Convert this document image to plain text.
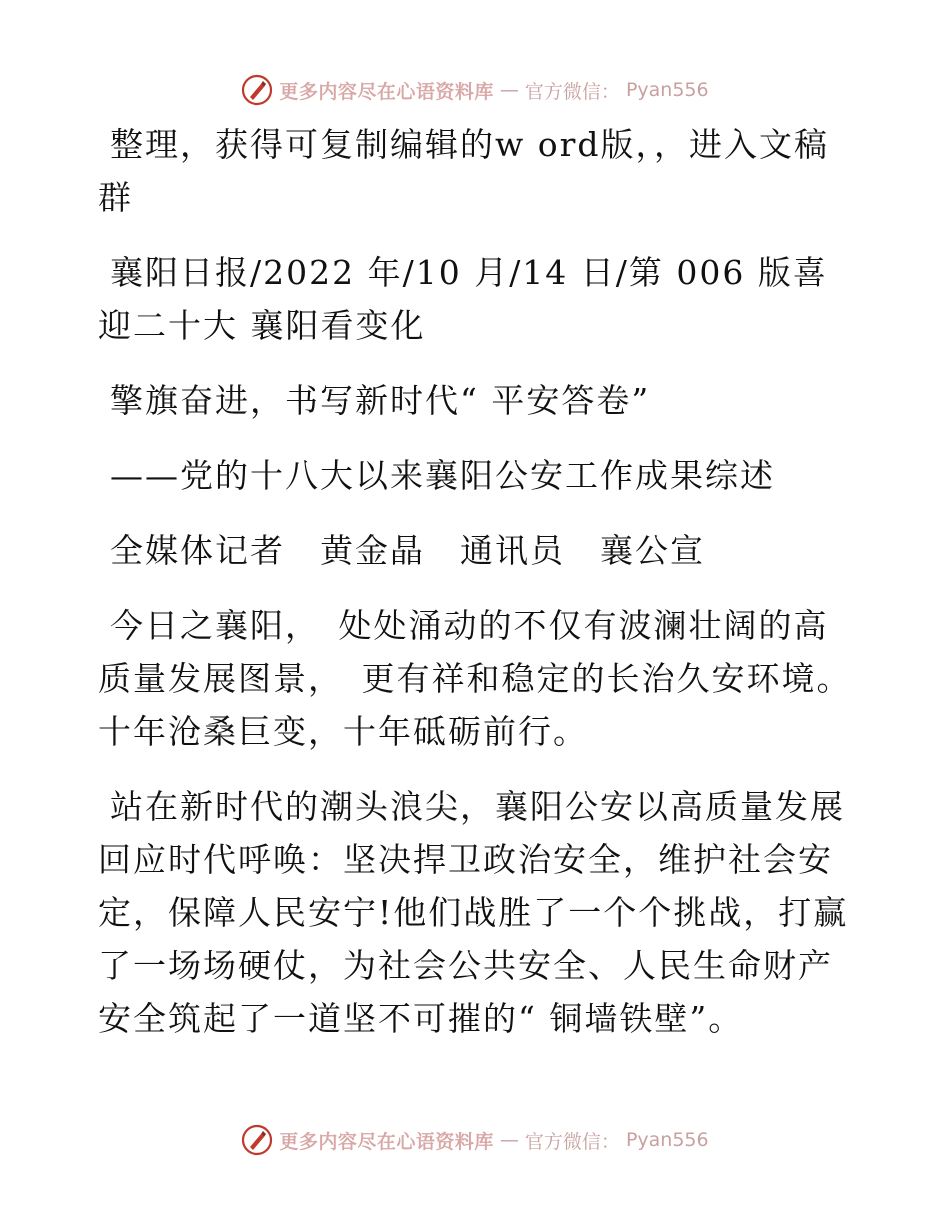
更多内容尽在心语资料库 — 官方微信： Pyan556

整理，获得可复制编辑的w ord版，，进入文稿群

襄阳日报/2022 年/10 月/14 日/第 006 版喜迎二十大 襄阳看变化

擎旗奋进，书写新时代“ 平安答卷”

——党的十八大以来襄阳公安工作成果综述

全媒体记者　黄金晶　通讯员　襄公宣

今日之襄阳，　处处涌动的不仅有波澜壮阔的高质量发展图景，　更有祥和稳定的长治久安环境。十年沧桑巨变，十年砥砺前行。

站在新时代的潮头浪尖，襄阳公安以高质量发展回应时代呼唤：坚决捍卫政治安全，维护社会安定，保障人民安宁!他们战胜了一个个挑战，打赢了一场场硬仗，为社会公共安全、人民生命财产安全筑起了一道坚不可摧的“ 铜墙铁壁”。

更多内容尽在心语资料库 — 官方微信： Pyan556
